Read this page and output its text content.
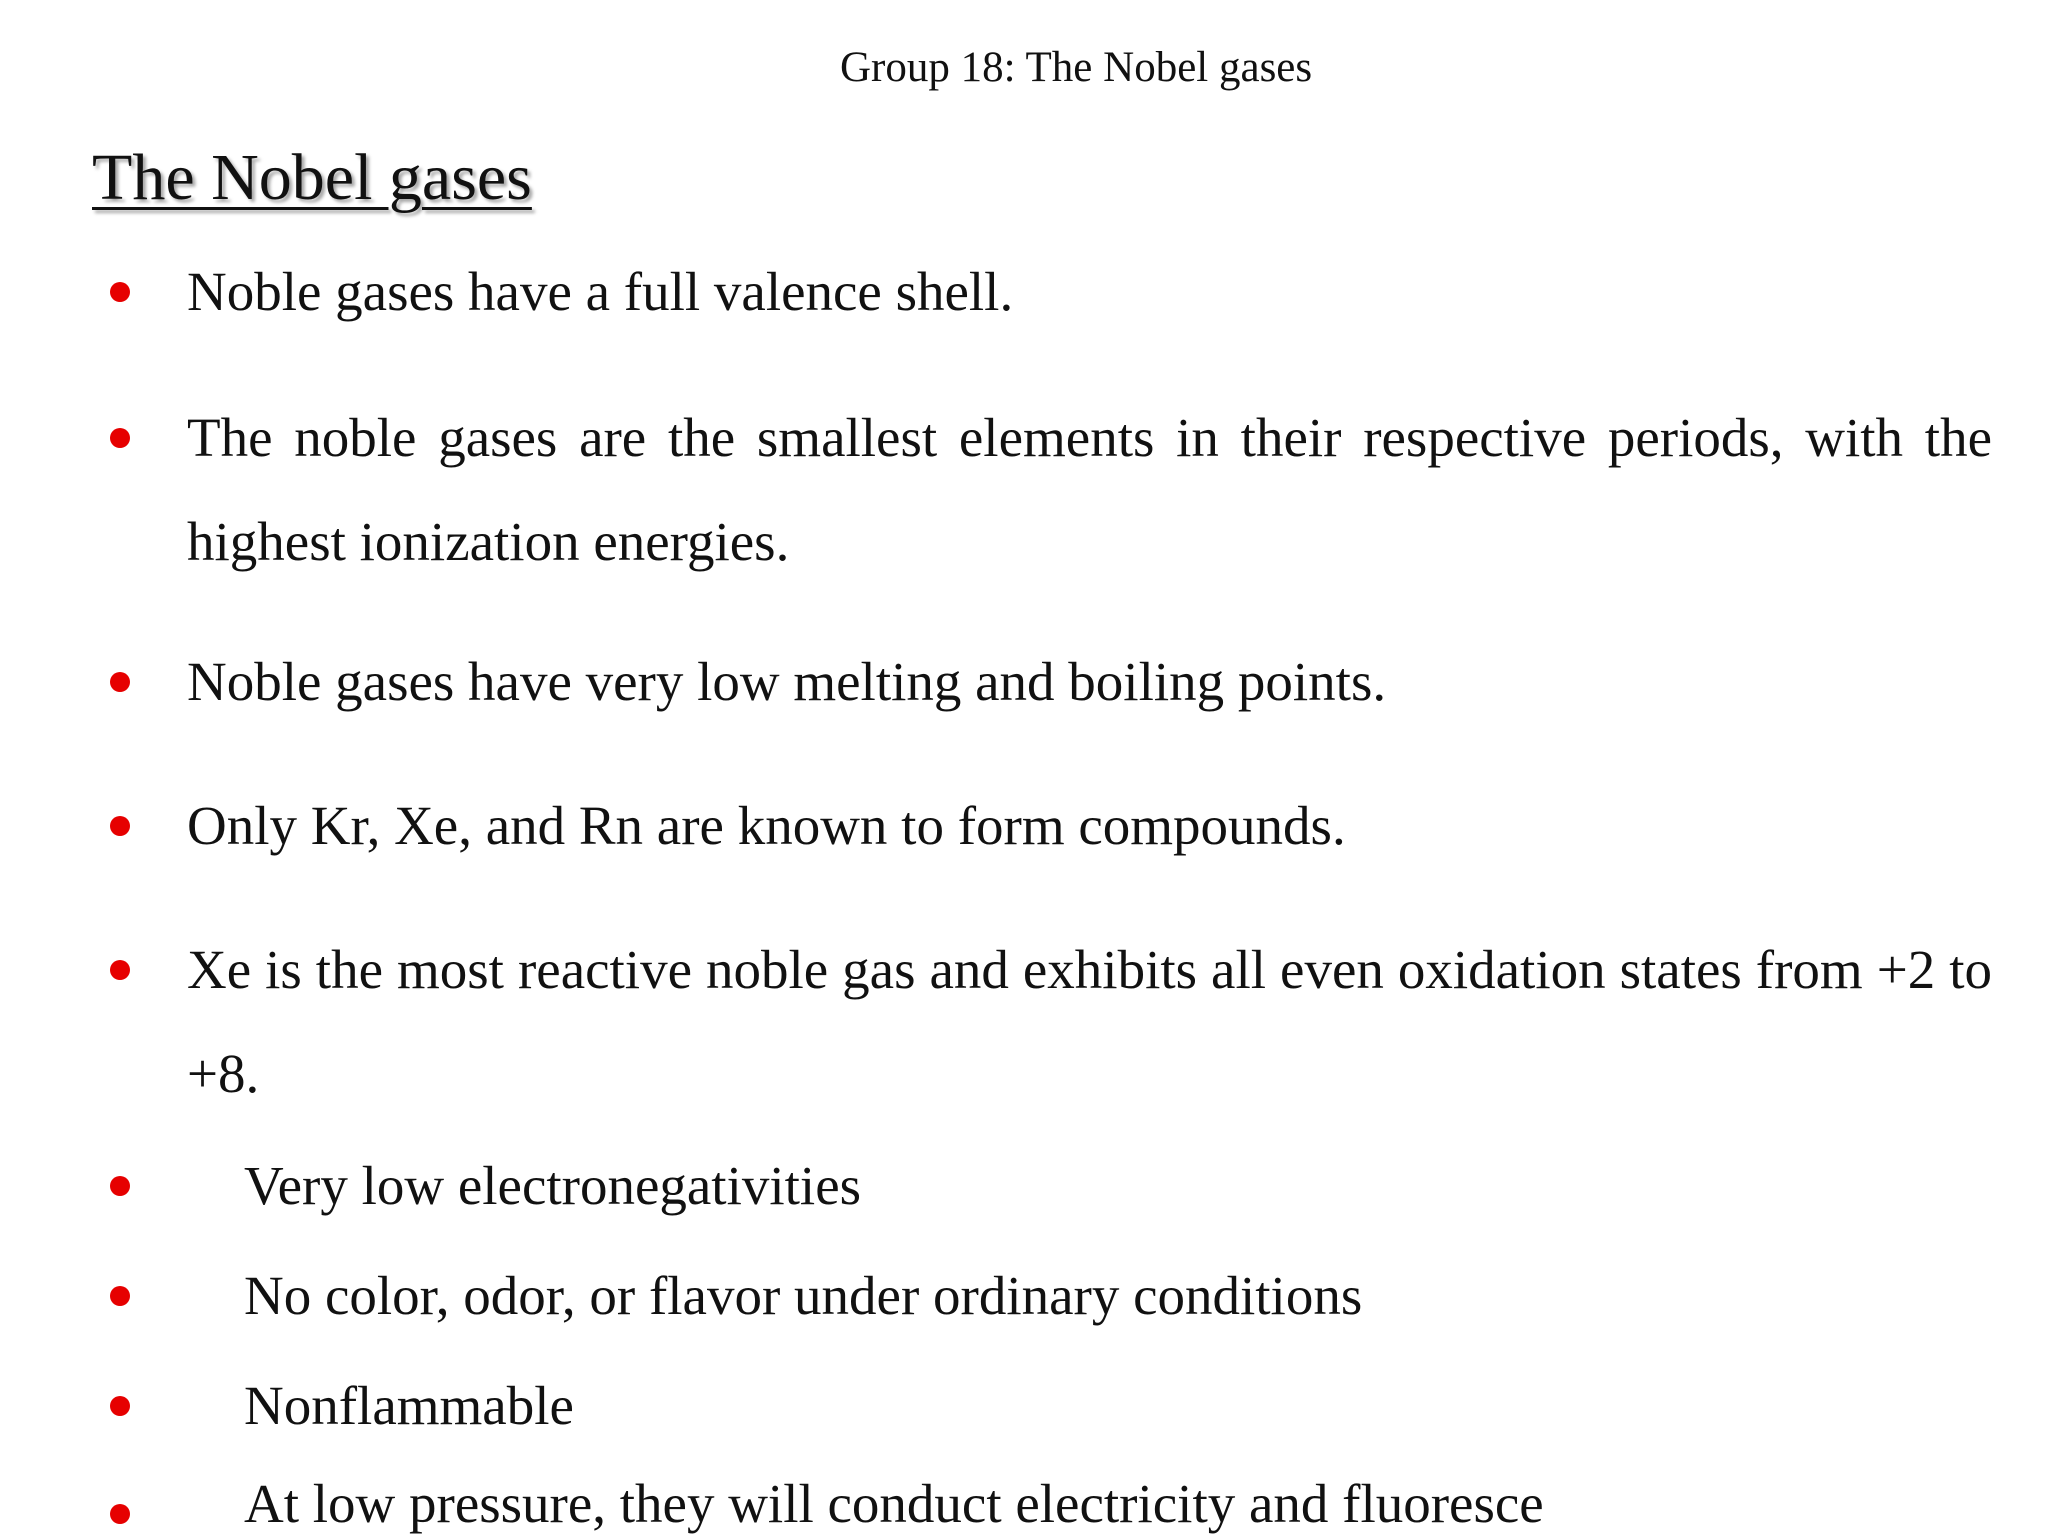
Group 18: The Nobel gases
The Nobel gases
Noble gases have a full valence shell.
The noble gases are the smallest elements in their respective periods, with the highest ionization energies.
Noble gases have very low melting and boiling points.
Only Kr, Xe, and Rn are known to form compounds.
Xe is the most reactive noble gas and exhibits all even oxidation states from +2 to +8.
Very low electronegativities
No color, odor, or flavor under ordinary conditions
Nonflammable
At low pressure, they will conduct electricity and fluoresce
